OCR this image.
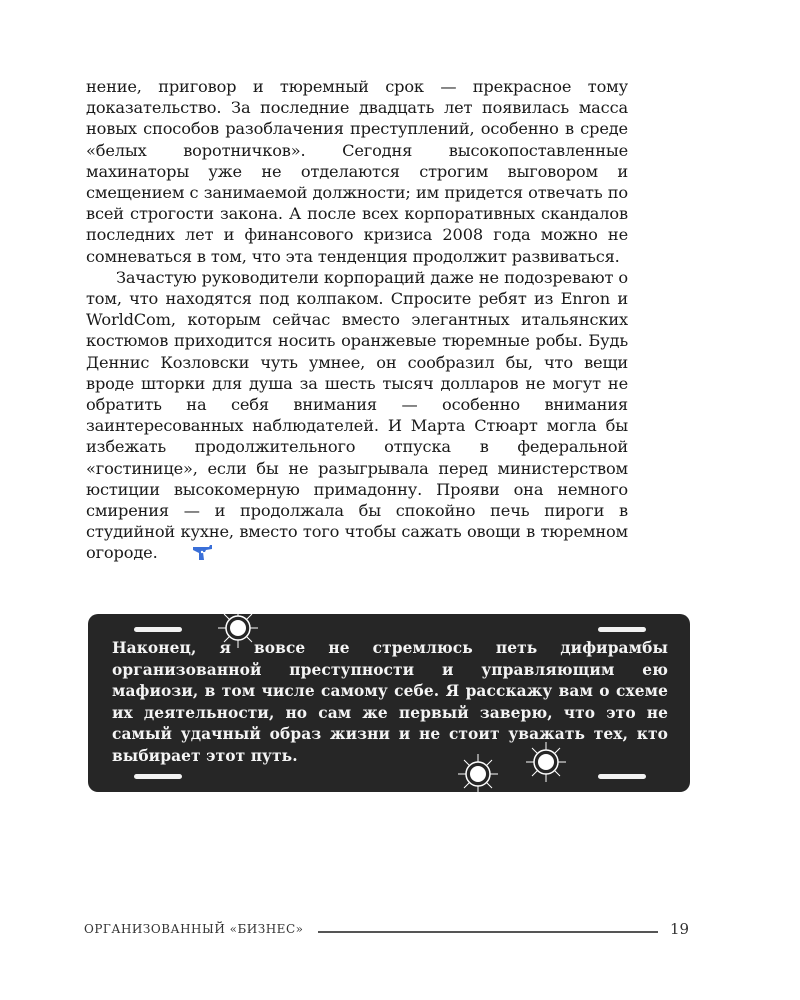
нение, приговор и тюремный срок — прекрасное тому доказательство. За последние двадцать лет появилась масса новых способов разоблачения преступлений, особенно в среде «белых воротничков». Сегодня высокопоставленные махинаторы уже не отделаются строгим выговором и смещением с занимаемой должности; им придется отвечать по всей строгости закона. А после всех корпоративных скандалов последних лет и финансового кризиса 2008 года можно не сомневаться в том, что эта тенденция продолжит развиваться.

Зачастую руководители корпораций даже не подозревают о том, что находятся под колпаком. Спросите ребят из Enron и WorldCom, которым сейчас вместо элегантных итальянских костюмов приходится носить оранжевые тюремные робы. Будь Деннис Козловски чуть умнее, он сообразил бы, что вещи вроде шторки для душа за шесть тысяч долларов не могут не обратить на себя внимания — особенно внимания заинтересованных наблюдателей. И Марта Стюарт могла бы избежать продолжительного отпуска в федеральной «гостинице», если бы не разыгрывала перед министерством юстиции высокомерную примадонну. Прояви она немного смирения — и продолжала бы спокойно печь пироги в студийной кухне, вместо того чтобы сажать овощи в тюремном огороде.

Наконец, я вовсе не стремлюсь петь дифирамбы организованной преступности и управляющим ею мафиози, в том числе самому себе. Я расскажу вам о схеме их деятельности, но сам же первый заверю, что это не самый удачный образ жизни и не стоит уважать тех, кто выбирает этот путь.

ОРГАНИЗОВАННЫЙ «БИЗНЕС»	19
